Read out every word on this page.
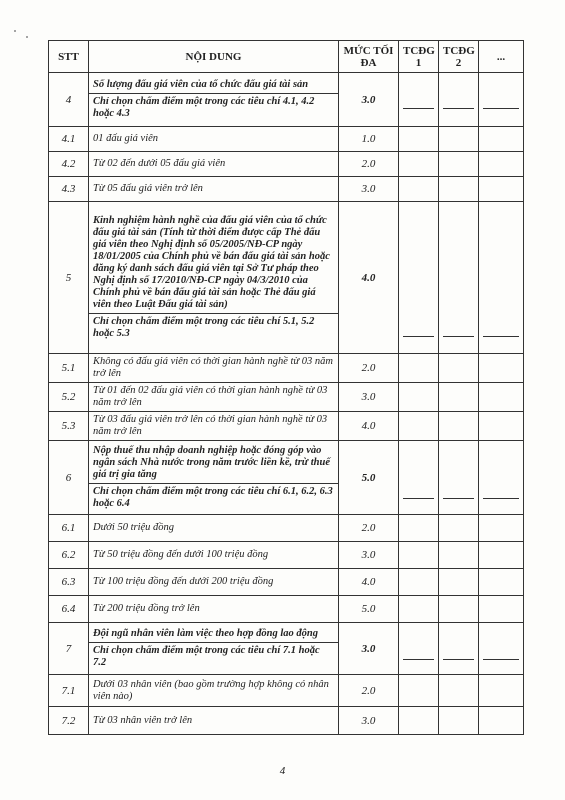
STT	NỘI DUNG	MỨC TỐI ĐA	TCĐG 1	TCĐG 2	...
4	Số lượng đấu giá viên của tổ chức đấu giá tài sản
Chỉ chọn chấm điểm một trong các tiêu chí 4.1, 4.2 hoặc 4.3	3.0	

4.1	01 đấu giá viên	1.0			
4.2	Từ 02 đến dưới 05 đấu giá viên	2.0			
4.3	Từ 05 đấu giá viên trở lên	3.0			
5	Kinh nghiệm hành nghề của đấu giá viên của tổ chức đấu giá tài sản (Tính từ thời điểm được cấp Thẻ đấu giá viên theo Nghị định số 05/2005/NĐ-CP ngày 18/01/2005 của Chính phủ về bán đấu giá tài sản hoặc đăng ký danh sách đấu giá viên tại Sở Tư pháp theo Nghị định số 17/2010/NĐ-CP ngày 04/3/2010 của Chính phủ về bán đấu giá tài sản hoặc Thẻ đấu giá viên theo Luật Đấu giá tài sản)
Chỉ chọn chấm điểm một trong các tiêu chí 5.1, 5.2 hoặc 5.3	4.0	

5.1	Không có đấu giá viên có thời gian hành nghề từ 03 năm trở lên	2.0			
5.2	Từ 01 đến 02 đấu giá viên có thời gian hành nghề từ 03 năm trở lên	3.0			
5.3	Từ 03 đấu giá viên trở lên có thời gian hành nghề từ 03 năm trở lên	4.0			
6	Nộp thuế thu nhập doanh nghiệp hoặc đóng góp vào ngân sách Nhà nước trong năm trước liền kề, trừ thuế giá trị gia tăng
Chỉ chọn chấm điểm một trong các tiêu chí 6.1, 6.2, 6.3 hoặc 6.4	5.0	

6.1	Dưới 50 triệu đồng	2.0			
6.2	Từ 50 triệu đồng đến dưới 100 triệu đồng	3.0			
6.3	Từ 100 triệu đồng đến dưới 200 triệu đồng	4.0			
6.4	Từ 200 triệu đồng trở lên	5.0			
7	Đội ngũ nhân viên làm việc theo hợp đồng lao động
Chỉ chọn chấm điểm một trong các tiêu chí 7.1 hoặc 7.2	3.0	

7.1	Dưới 03 nhân viên (bao gồm trường hợp không có nhân viên nào)	2.0			
7.2	Từ 03 nhân viên trở lên	3.0			
4
